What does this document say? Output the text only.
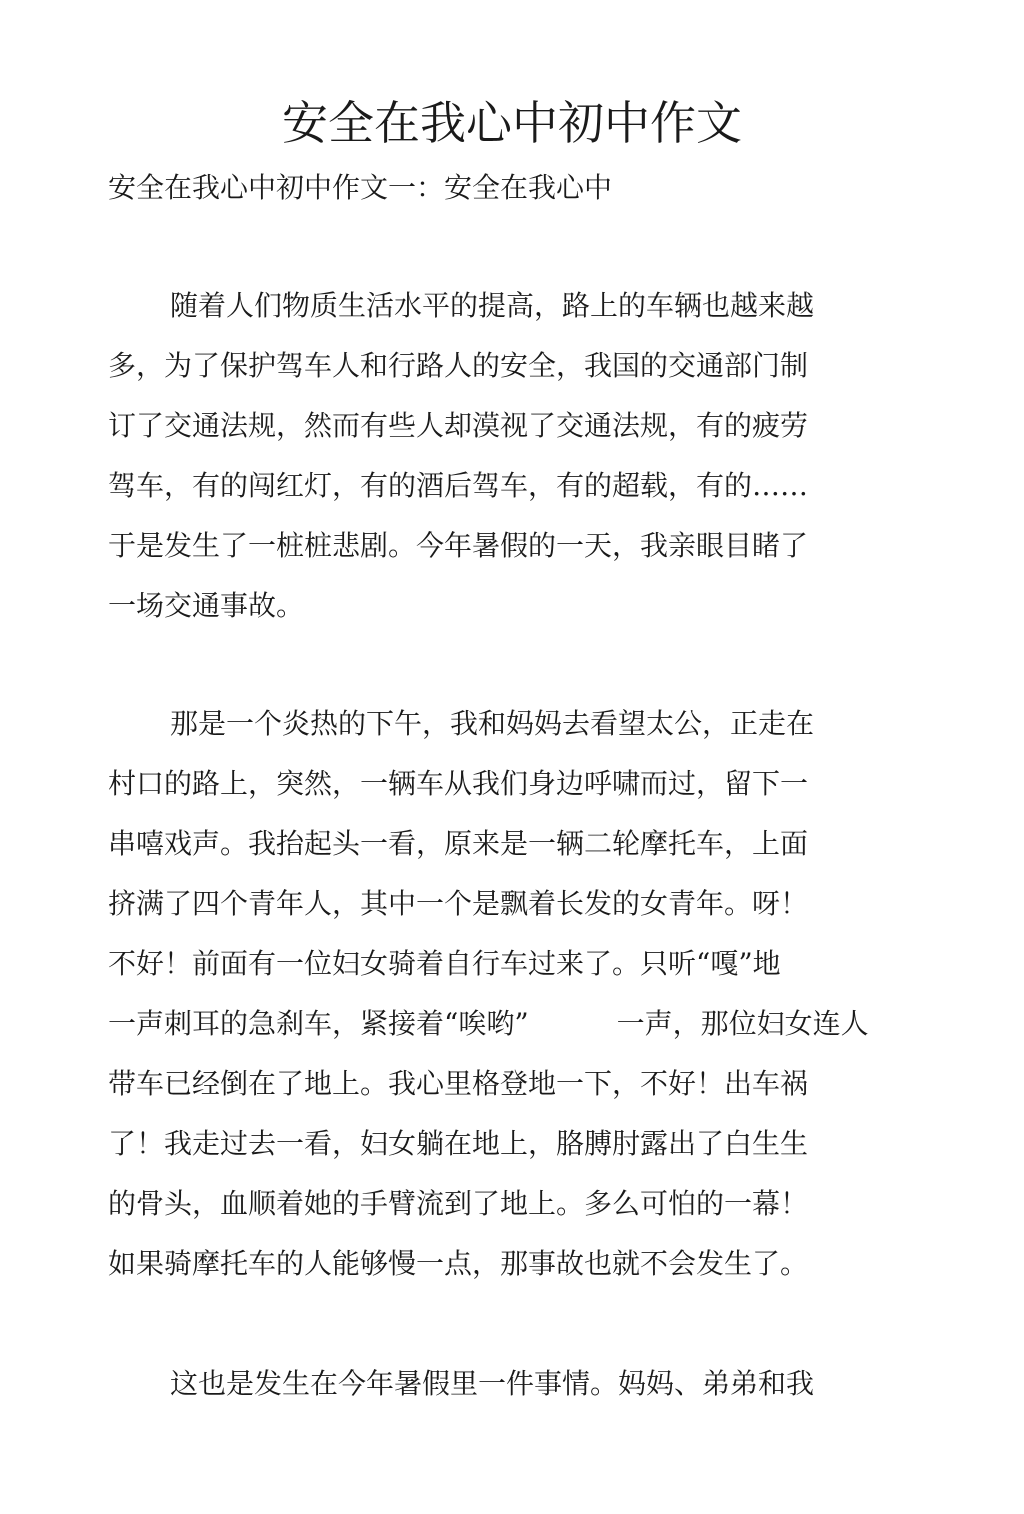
安全在我心中初中作文
安全在我心中初中作文一：安全在我心中
随着人们物质生活水平的提高，路上的车辆也越来越
多，为了保护驾车人和行路人的安全，我国的交通部门制
订了交通法规，然而有些人却漠视了交通法规，有的疲劳
驾车，有的闯红灯，有的酒后驾车，有的超载，有的……
于是发生了一桩桩悲剧。今年暑假的一天，我亲眼目睹了
一场交通事故。
那是一个炎热的下午，我和妈妈去看望太公，正走在
村口的路上，突然，一辆车从我们身边呼啸而过，留下一
串嘻戏声。我抬起头一看，原来是一辆二轮摩托车，上面
挤满了四个青年人，其中一个是飘着长发的女青年。呀！
不好！前面有一位妇女骑着自行车过来了。只听“嘎”地
一声刺耳的急刹车，紧接着“唉哟”	一声，那位妇女连人
带车已经倒在了地上。我心里格登地一下，不好！出车祸
了！我走过去一看，妇女躺在地上，胳膊肘露出了白生生
的骨头，血顺着她的手臂流到了地上。多么可怕的一幕！
如果骑摩托车的人能够慢一点，那事故也就不会发生了。
这也是发生在今年暑假里一件事情。妈妈、弟弟和我
